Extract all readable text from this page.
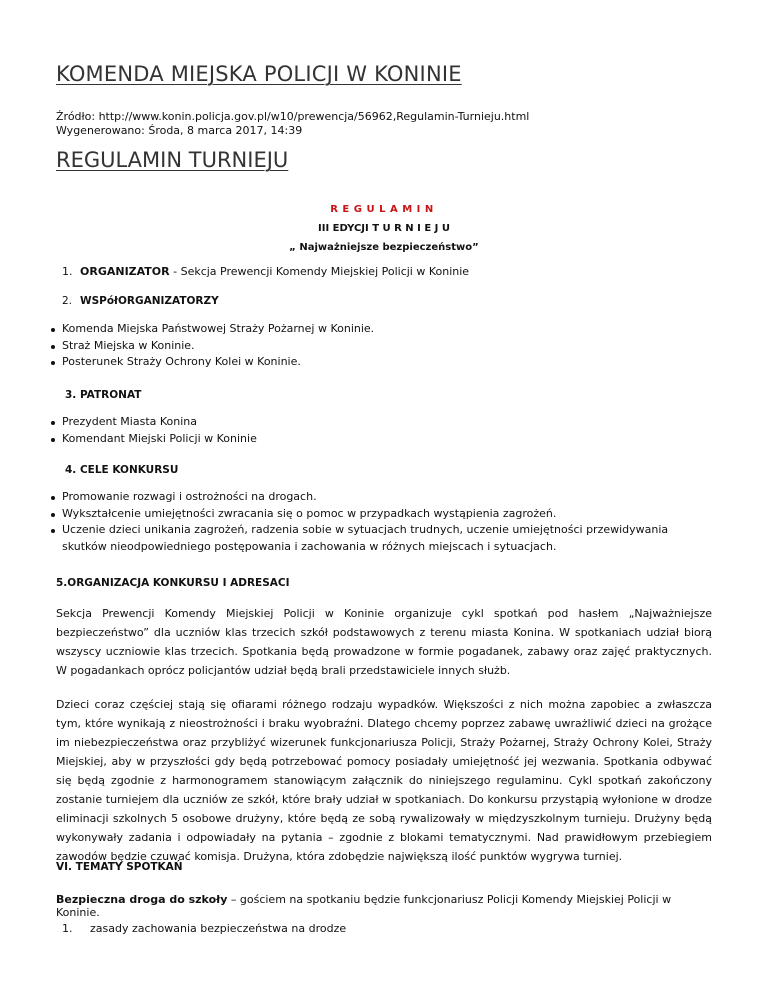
KOMENDA MIEJSKA POLICJI W KONINIE
Źródło: http://www.konin.policja.gov.pl/w10/prewencja/56962,Regulamin-Turnieju.html
Wygenerowano: Środa, 8 marca 2017, 14:39
REGULAMIN TURNIEJU
REGULAMIN
III EDYCJI T U R N I E J U
„ Najważniejsze bezpieczeństwo”
1. ORGANIZATOR - Sekcja Prewencji Komendy Miejskiej Policji w Koninie
2. WSPółORGANIZATORZY
Komenda Miejska Państwowej Straży Pożarnej w Koninie.
Straż Miejska w Koninie.
Posterunek Straży Ochrony Kolei w Koninie.
3. PATRONAT
Prezydent Miasta Konina
Komendant Miejski Policji w Koninie
4. CELE KONKURSU
Promowanie rozwagi i ostrożności na drogach.
Wykształcenie umiejętności zwracania się o pomoc w przypadkach wystąpienia zagrożeń.
Uczenie dzieci unikania zagrożeń, radzenia sobie w sytuacjach trudnych, uczenie umiejętności przewidywania skutków nieodpowiedniego postępowania i zachowania w różnych miejscach i sytuacjach.
5.ORGANIZACJA KONKURSU I ADRESACI

Sekcja Prewencji Komendy Miejskiej Policji w Koninie organizuje cykl spotkań pod hasłem „Najważniejsze bezpieczeństwo” dla uczniów klas trzecich szkół podstawowych z terenu miasta Konina. W spotkaniach udział biorą wszyscy uczniowie klas trzecich. Spotkania będą prowadzone w formie pogadanek, zabawy oraz zajęć praktycznych. W pogadankach oprócz policjantów udział będą brali przedstawiciele innych służb.

Dzieci coraz częściej stają się ofiarami różnego rodzaju wypadków. Większości z nich można zapobiec a zwłaszcza tym, które wynikają z nieostrożności i braku wyobraźni. Dlatego chcemy poprzez zabawę uwrażliwić dzieci na grożące im niebezpieczeństwa oraz przybliżyć wizerunek funkcjonariusza Policji, Straży Pożarnej, Straży Ochrony Kolei, Straży Miejskiej, aby w przyszłości gdy będą potrzebować pomocy posiadały umiejętność jej wezwania. Spotkania odbywać się będą zgodnie z harmonogramem stanowiącym załącznik do niniejszego regulaminu. Cykl spotkań zakończony zostanie turniejem dla uczniów ze szkół, które brały udział w spotkaniach. Do konkursu przystąpią wyłonione w drodze eliminacji szkolnych 5 osobowe drużyny, które będą ze sobą rywalizowały w międzyszkolnym turnieju. Drużyny będą wykonywały zadania i odpowiadały na pytania – zgodnie z blokami tematycznymi. Nad prawidłowym przebiegiem zawodów będzie czuwać komisja. Drużyna, która zdobędzie największą ilość punktów wygrywa turniej.

VI. TEMATY SPOTKAŃ
Bezpieczna droga do szkoły – gościem na spotkaniu będzie funkcjonariusz Policji Komendy Miejskiej Policji w Koninie.
1. zasady zachowania bezpieczeństwa na drodze
